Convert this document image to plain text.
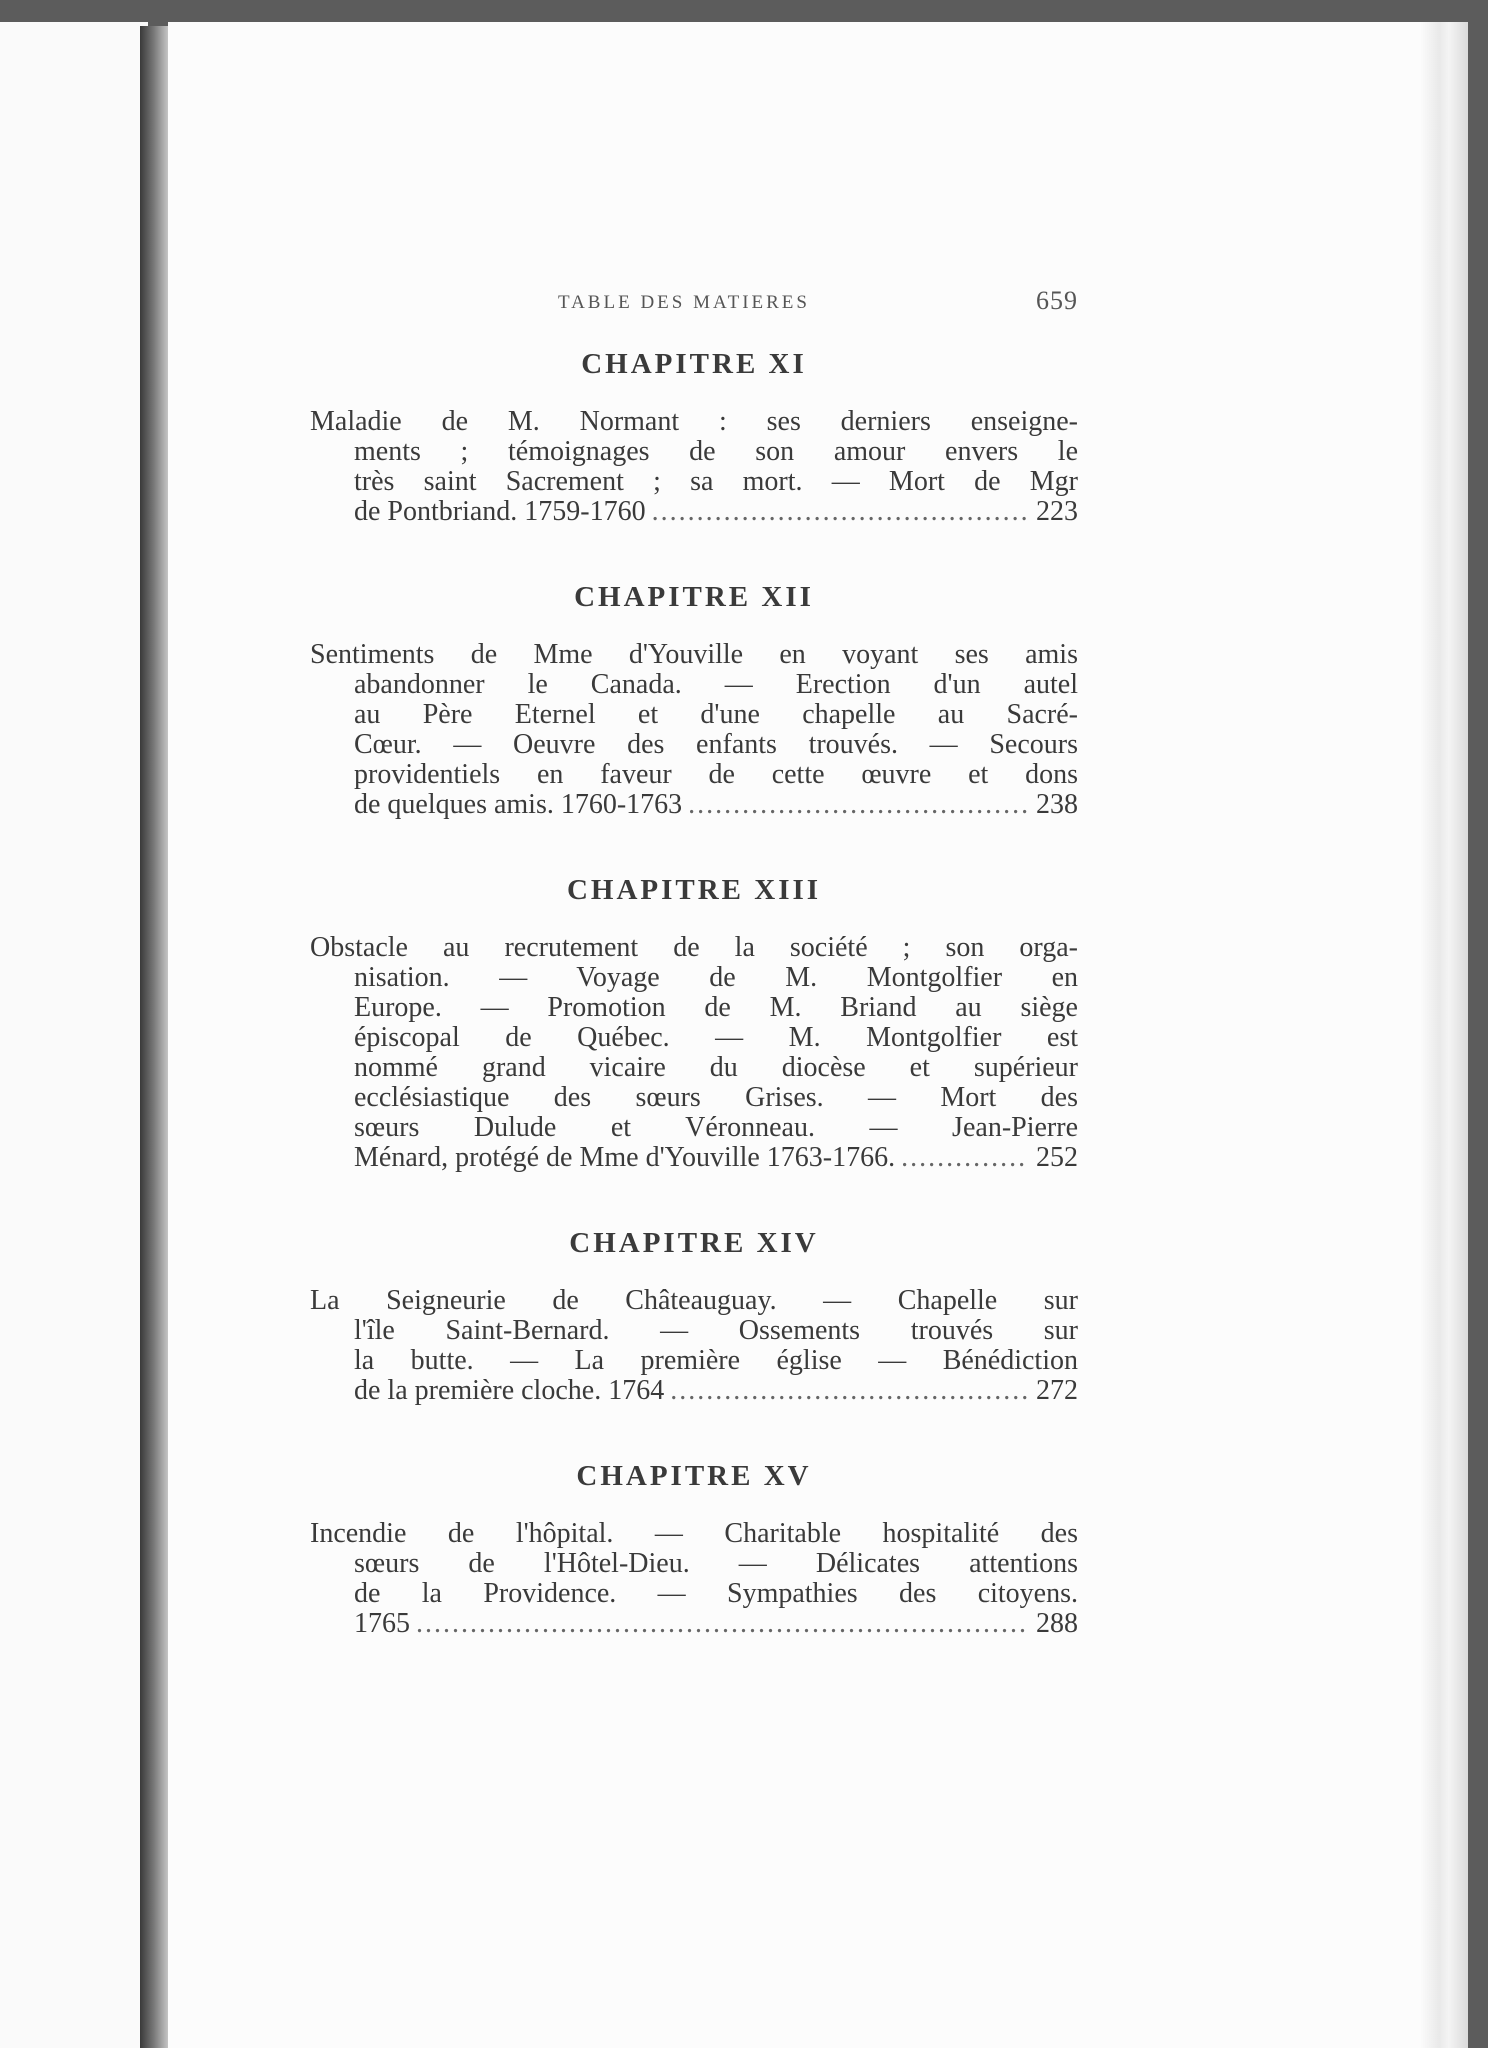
TABLE DES MATIERES	659
CHAPITRE XI
Maladie de M. Normant : ses derniers enseigne-
ments ; témoignages de son amour envers le
très saint Sacrement ; sa mort. — Mort de Mgr
de Pontbriand. 1759-1760 .....	223
CHAPITRE XII
Sentiments de Mme d'Youville en voyant ses amis
abandonner le Canada. — Erection d'un autel
au Père Eternel et d'une chapelle au Sacré-
Cœur. — Oeuvre des enfants trouvés. — Secours
providentiels en faveur de cette œuvre et dons
de quelques amis. 1760-1763 .....	238
CHAPITRE XIII
Obstacle au recrutement de la société ; son orga-
nisation. — Voyage de M. Montgolfier en
Europe. — Promotion de M. Briand au siège
épiscopal de Québec. — M. Montgolfier est
nommé grand vicaire du diocèse et supérieur
ecclésiastique des sœurs Grises. — Mort des
sœurs Dulude et Véronneau. — Jean-Pierre
Ménard, protégé de Mme d'Youville 1763-1766. .....	252
CHAPITRE XIV
La Seigneurie de Châteauguay. — Chapelle sur
l'île Saint-Bernard. — Ossements trouvés sur
la butte. — La première église — Bénédiction
de la première cloche. 1764 .....	272
CHAPITRE XV
Incendie de l'hôpital. — Charitable hospitalité des
sœurs de l'Hôtel-Dieu. — Délicates attentions
de la Providence. — Sympathies des citoyens.
1765 .....	288
